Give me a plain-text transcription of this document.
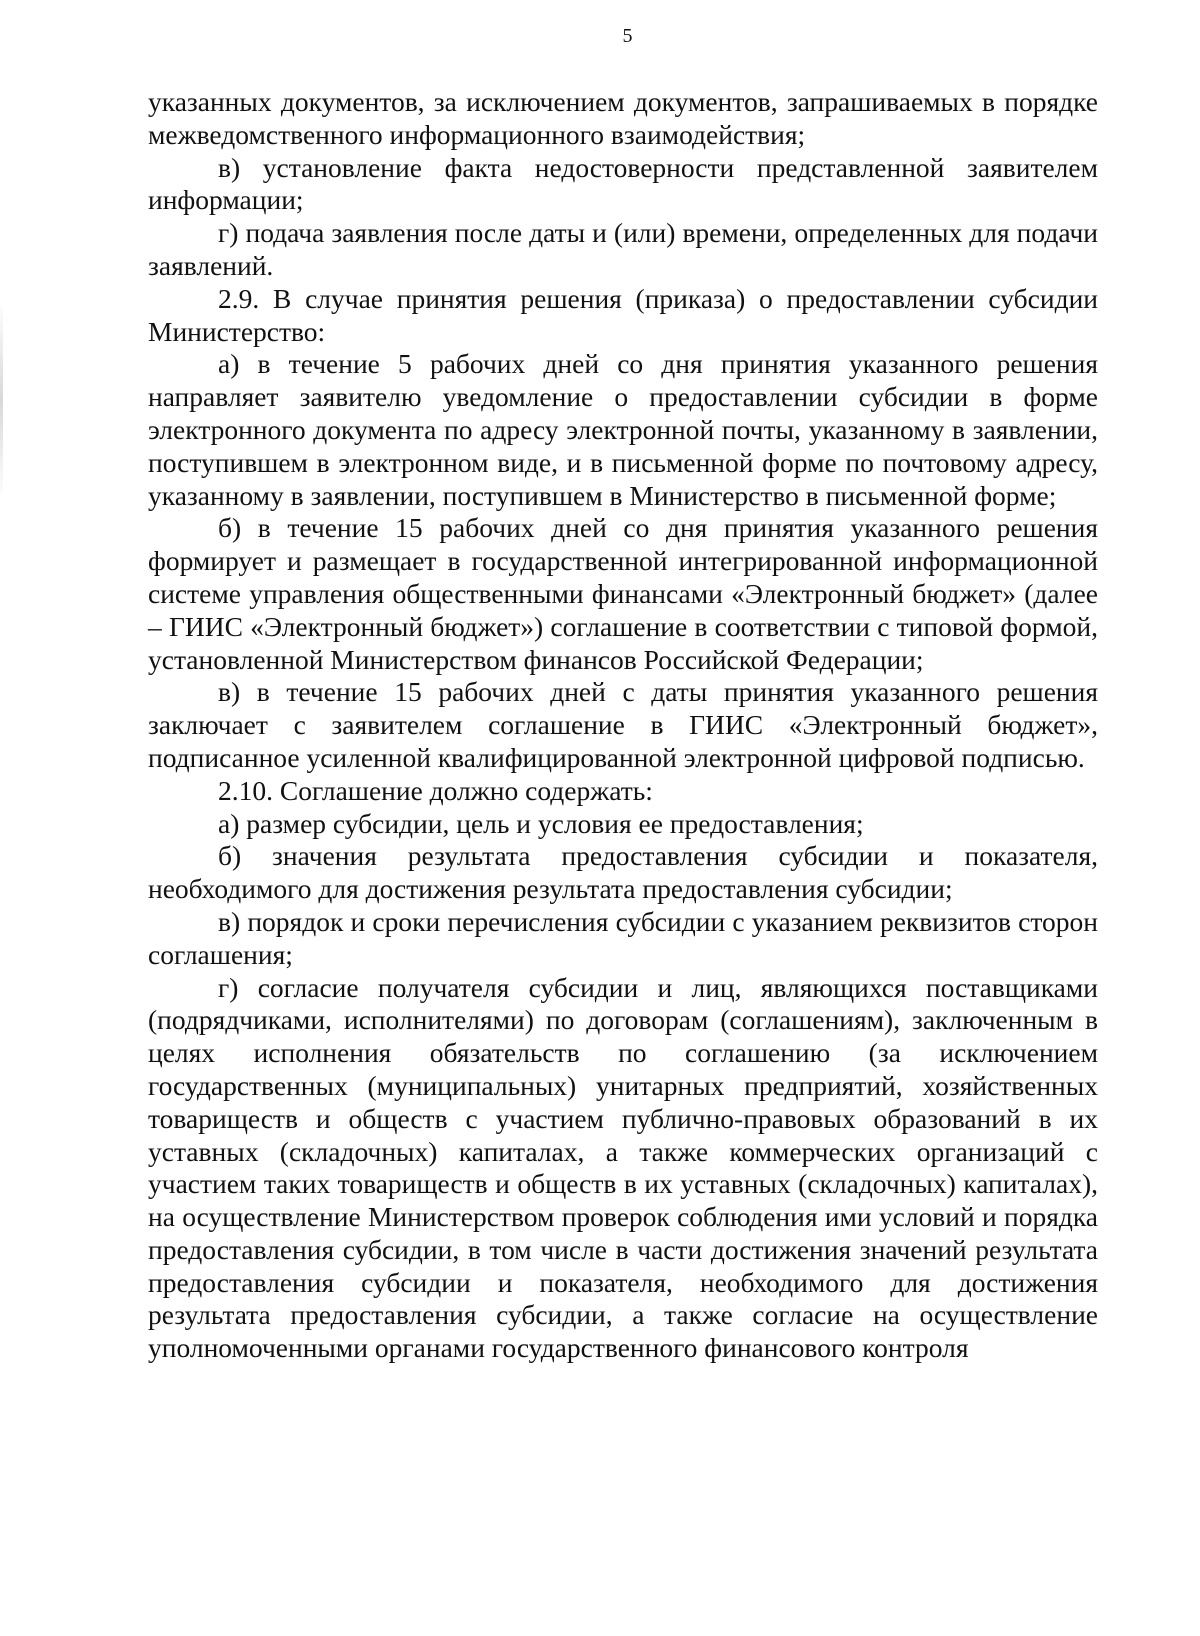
5

указанных документов, за исключением документов, запрашиваемых в порядке межведомственного информационного взаимодействия;

в) установление факта недостоверности представленной заявителем информации;

г) подача заявления после даты и (или) времени, определенных для подачи заявлений.

2.9. В случае принятия решения (приказа) о предоставлении субсидии Министерство:

а) в течение 5 рабочих дней со дня принятия указанного решения направляет заявителю уведомление о предоставлении субсидии в форме электронного документа по адресу электронной почты, указанному в заявлении, поступившем в электронном виде, и в письменной форме по почтовому адресу, указанному в заявлении, поступившем в Министерство в письменной форме;

б) в течение 15 рабочих дней со дня принятия указанного решения формирует и размещает в государственной интегрированной информационной системе управления общественными финансами «Электронный бюджет» (далее – ГИИС «Электронный бюджет») соглашение в соответствии с типовой формой, установленной Министерством финансов Российской Федерации;

в) в течение 15 рабочих дней с даты принятия указанного решения заключает с заявителем соглашение в ГИИС «Электронный бюджет», подписанное усиленной квалифицированной электронной цифровой подписью.

2.10. Соглашение должно содержать:

а) размер субсидии, цель и условия ее предоставления;

б) значения результата предоставления субсидии и показателя, необходимого для достижения результата предоставления субсидии;

в) порядок и сроки перечисления субсидии с указанием реквизитов сторон соглашения;

г) согласие получателя субсидии и лиц, являющихся поставщиками (подрядчиками, исполнителями) по договорам (соглашениям), заключенным в целях исполнения обязательств по соглашению (за исключением государственных (муниципальных) унитарных предприятий, хозяйственных товариществ и обществ с участием публично-правовых образований в их уставных (складочных) капиталах, а также коммерческих организаций с участием таких товариществ и обществ в их уставных (складочных) капиталах), на осуществление Министерством проверок соблюдения ими условий и порядка предоставления субсидии, в том числе в части достижения значений результата предоставления субсидии и показателя, необходимого для достижения результата предоставления субсидии, а также согласие на осуществление уполномоченными органами государственного финансового контроля
